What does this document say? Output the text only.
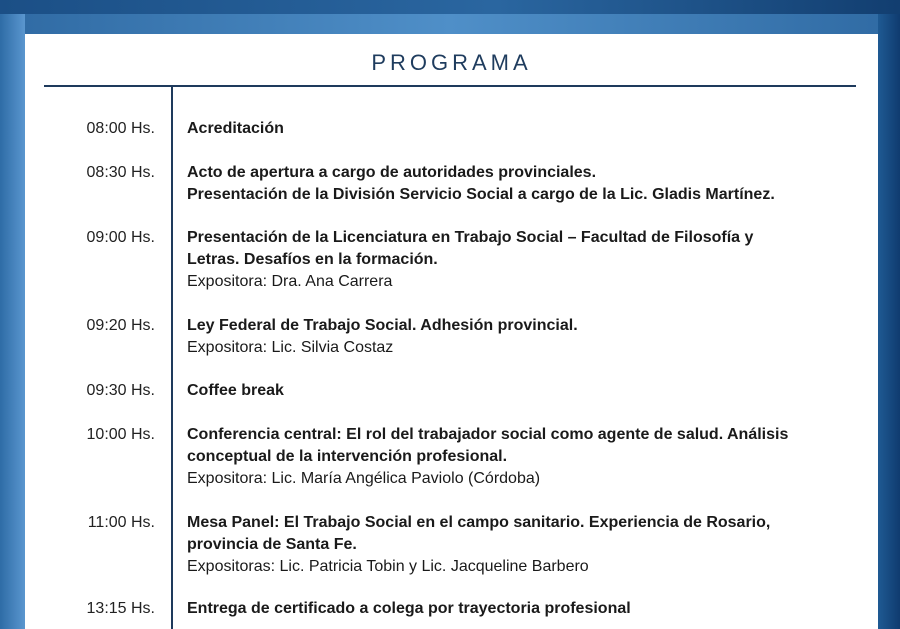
PROGRAMA
08:00 Hs. Acreditación
08:30 Hs. Acto de apertura a cargo de autoridades provinciales.
Presentación de la División Servicio Social a cargo de la Lic. Gladis Martínez.
09:00 Hs. Presentación de la Licenciatura en Trabajo Social – Facultad de Filosofía y
Letras. Desafíos en la formación.
Expositora: Dra. Ana Carrera
09:20 Hs. Ley Federal de Trabajo Social. Adhesión provincial.
Expositora: Lic. Silvia Costaz
09:30 Hs. Coffee break
10:00 Hs. Conferencia central: El rol del trabajador social como agente de salud. Análisis
conceptual de la intervención profesional.
Expositora: Lic. María Angélica Paviolo (Córdoba)
11:00 Hs. Mesa Panel: El Trabajo Social en el campo sanitario. Experiencia de Rosario,
provincia de Santa Fe.
Expositoras: Lic. Patricia Tobin y Lic. Jacqueline Barbero
13:15 Hs. Entrega de certificado a colega por trayectoria profesional
